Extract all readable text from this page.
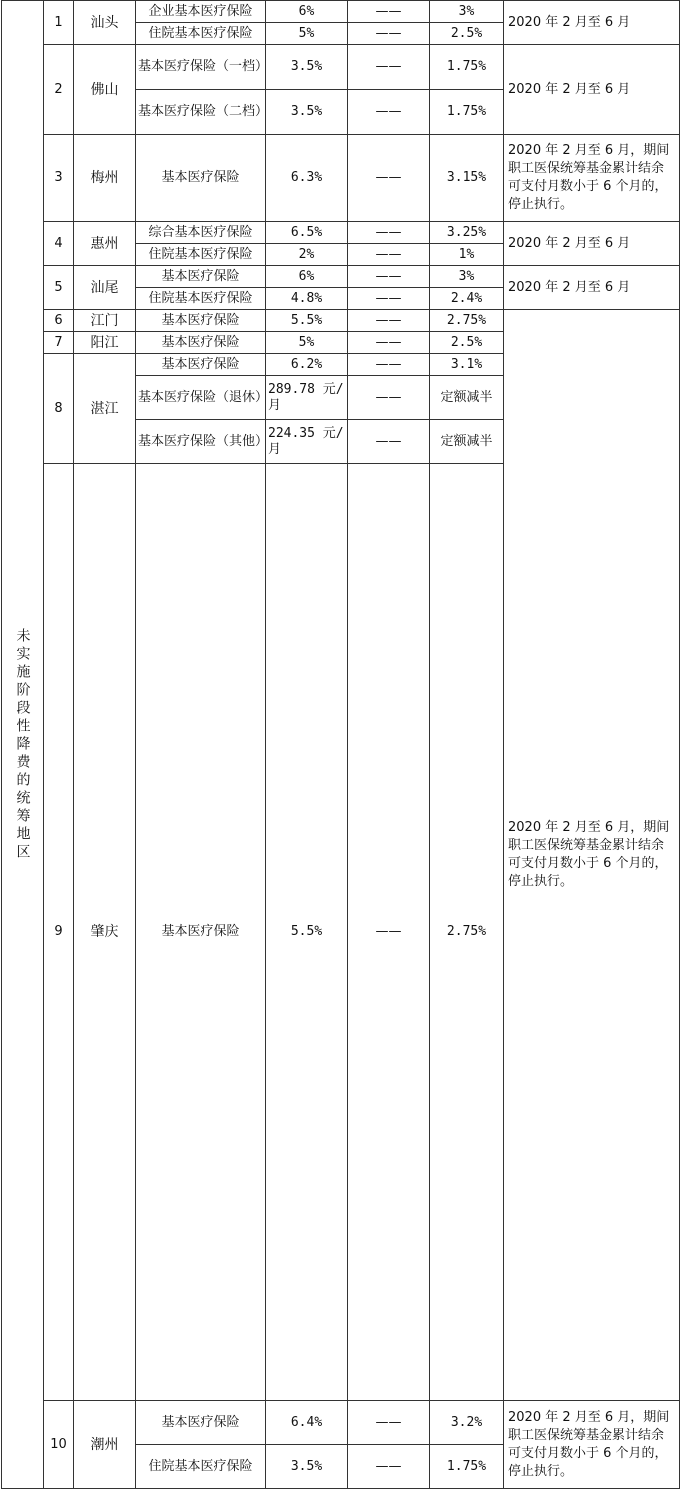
未实施阶段性降费的统筹地区	1	汕头	企业基本医疗保险	6%	——	3%	2020 年 2 月至 6 月	
			住院基本医疗保险	5%	——	2.5%		
	2	佛山	基本医疗保险（一档）	3.5%	——	1.75%	2020 年 2 月至 6 月	
			基本医疗保险（二档）	3.5%	——	1.75%		
	3	梅州	基本医疗保险	6.3%	——	3.15%	2020 年 2 月至 6 月，期间职工医保统筹基金累计结余可支付月数小于 6 个月的，停止执行。	
	4	惠州	综合基本医疗保险	6.5%	——	3.25%	2020 年 2 月至 6 月	
			住院基本医疗保险	2%	——	1%		
	5	汕尾	基本医疗保险	6%	——	3%	2020 年 2 月至 6 月	
			住院基本医疗保险	4.8%	——	2.4%		
	6	江门	基本医疗保险	5.5%	——	2.75%	2020 年 2 月至 6 月，期间职工医保统筹基金累计结余可支付月数小于 6 个月的，停止执行。	
	7	阳江	基本医疗保险	5%	——	2.5%		
	8	湛江	基本医疗保险	6.2%	——	3.1%		
			基本医疗保险（退休）	289.78 元/月	——	定额减半		
			基本医疗保险（其他）	224.35 元/月	——	定额减半		
	9	肇庆	基本医疗保险	5.5%	——	2.75%	
	10	潮州	基本医疗保险	6.4%	——	3.2%	2020 年 2 月至 6 月，期间职工医保统筹基金累计结余可支付月数小于 6 个月的，停止执行。	
			住院基本医疗保险	3.5%	——	1.75%		
